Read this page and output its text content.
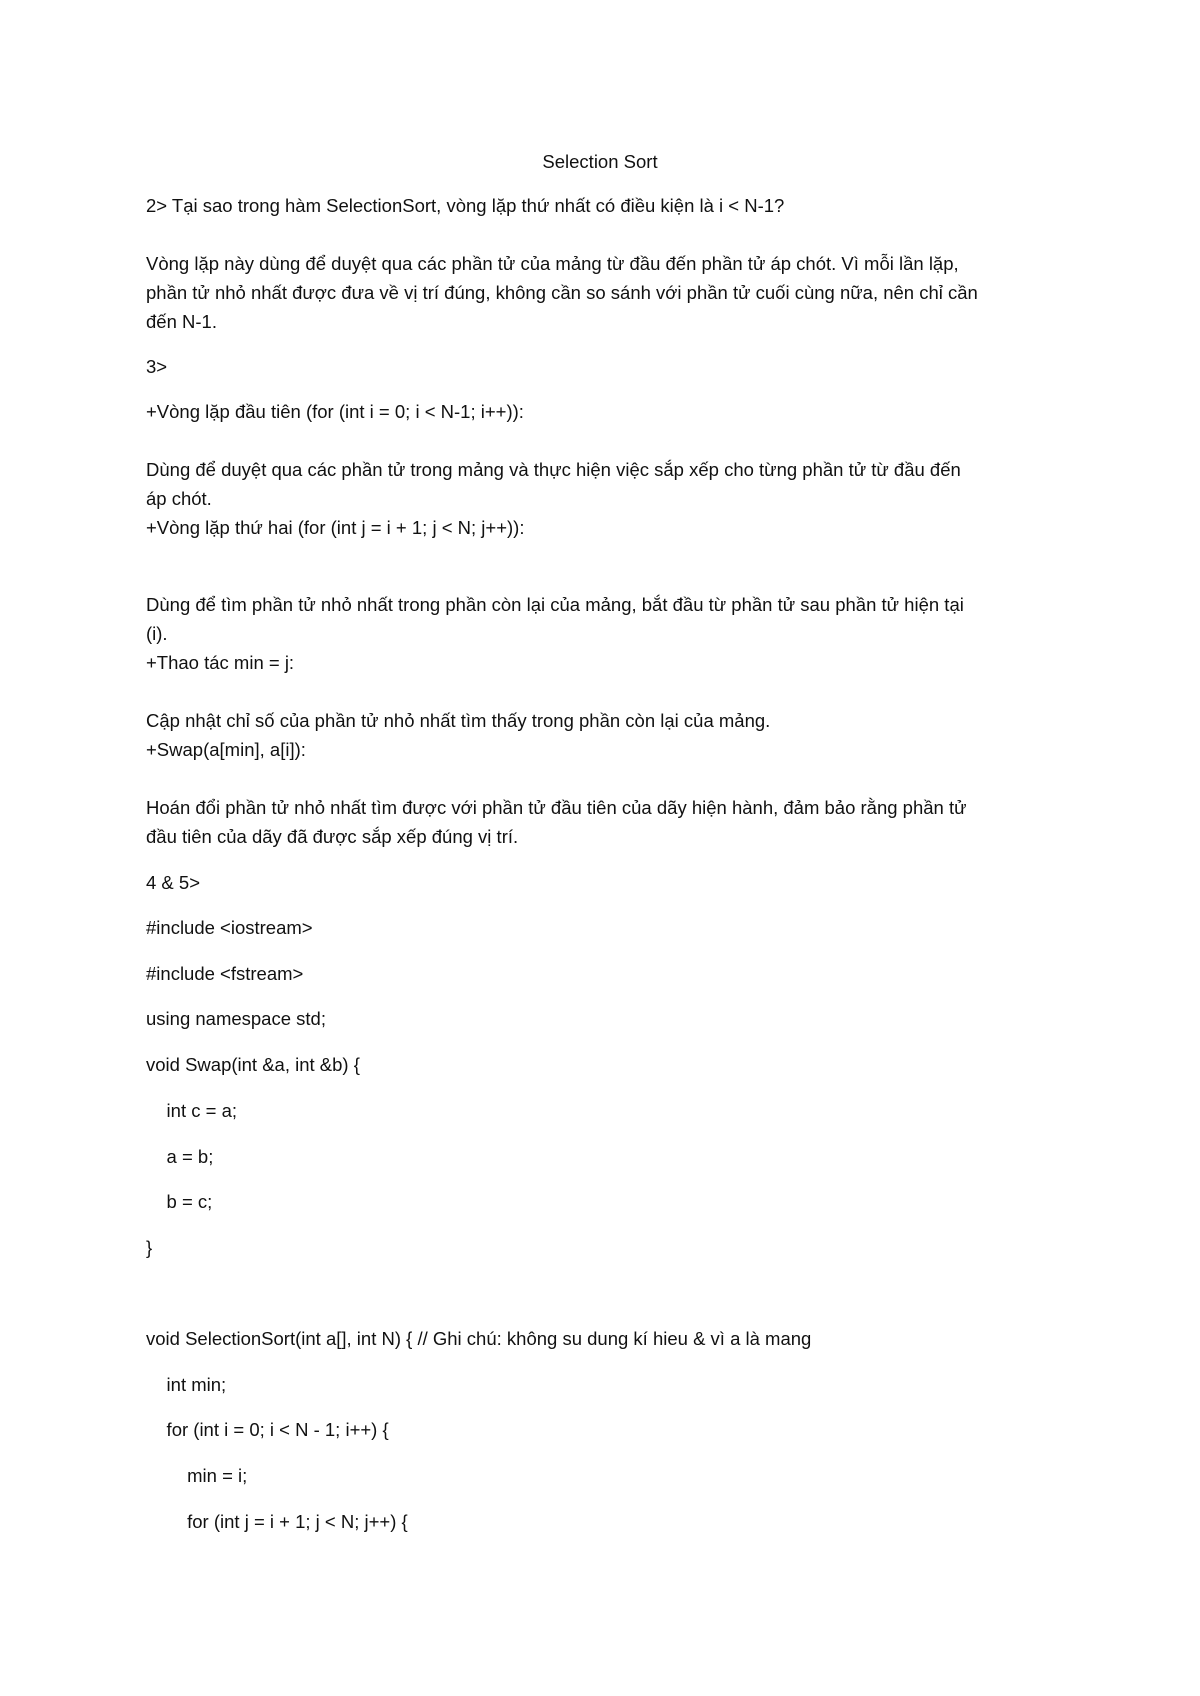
Selection Sort

2> Tại sao trong hàm SelectionSort, vòng lặp thứ nhất có điều kiện là i < N-1?

Vòng lặp này dùng để duyệt qua các phần tử của mảng từ đầu đến phần tử áp chót. Vì mỗi lần lặp,

phần tử nhỏ nhất được đưa về vị trí đúng, không cần so sánh với phần tử cuối cùng nữa, nên chỉ cần

đến N-1.

3>

+Vòng lặp đầu tiên (for (int i = 0; i < N-1; i++)):

Dùng để duyệt qua các phần tử trong mảng và thực hiện việc sắp xếp cho từng phần tử từ đầu đến

áp chót.

+Vòng lặp thứ hai (for (int j = i + 1; j < N; j++)):

Dùng để tìm phần tử nhỏ nhất trong phần còn lại của mảng, bắt đầu từ phần tử sau phần tử hiện tại

(i).

+Thao tác min = j:

Cập nhật chỉ số của phần tử nhỏ nhất tìm thấy trong phần còn lại của mảng.

+Swap(a[min], a[i]):

Hoán đổi phần tử nhỏ nhất tìm được với phần tử đầu tiên của dãy hiện hành, đảm bảo rằng phần tử

đầu tiên của dãy đã được sắp xếp đúng vị trí.

4 & 5>

#include <iostream>

#include <fstream>

using namespace std;

void Swap(int &a, int &b) {

int c = a;

a = b;

b = c;

}

void SelectionSort(int a[], int N) { // Ghi chú: không su dung kí hieu & vì a là mang

int min;

for (int i = 0; i < N - 1; i++) {

min = i;

for (int j = i + 1; j < N; j++) {
